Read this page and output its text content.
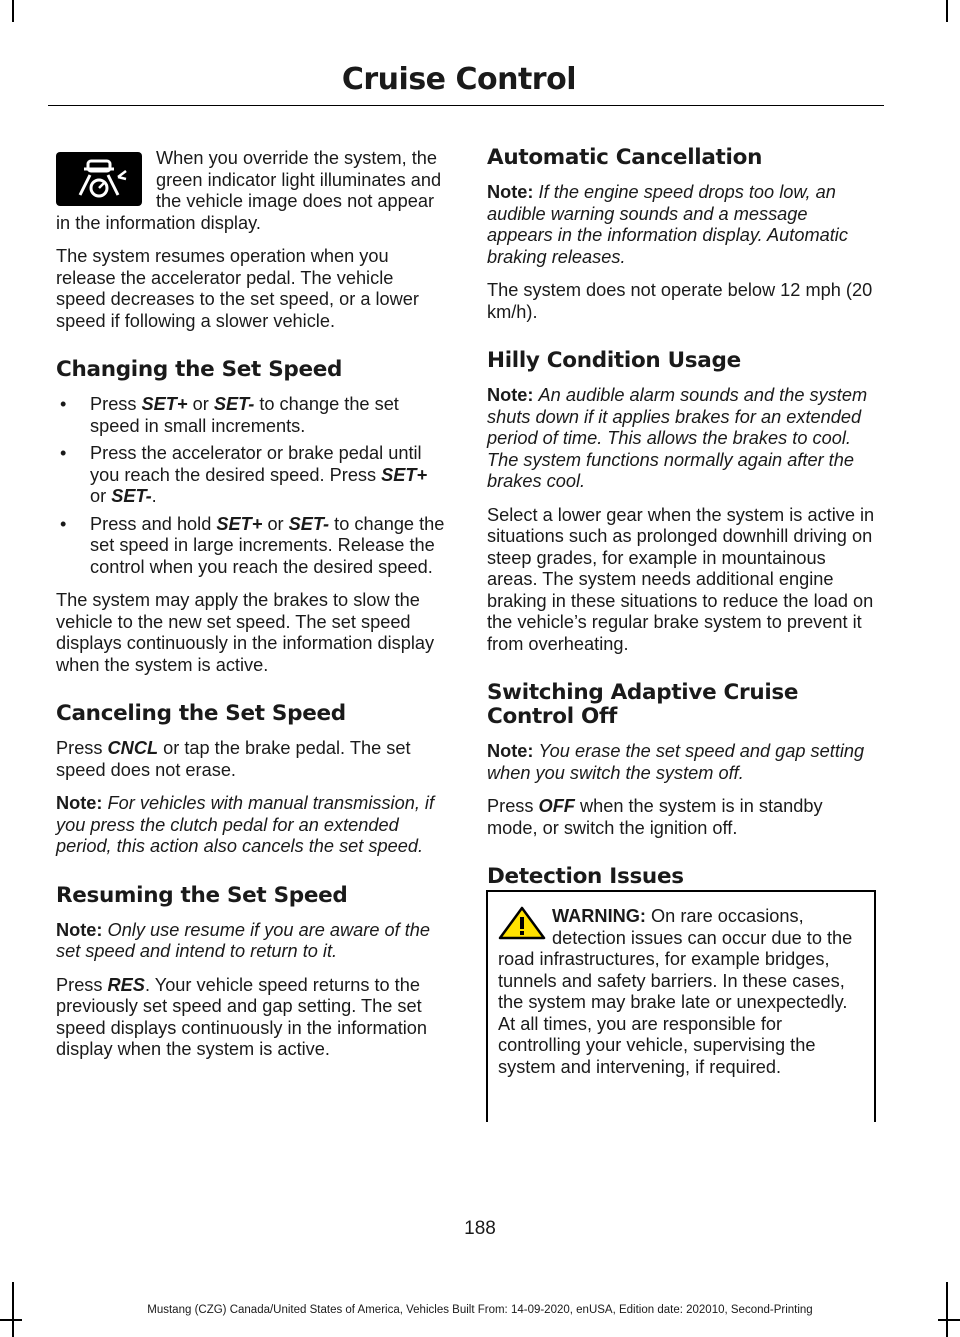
Cruise Control

When you override the system, the green indicator light illuminates and the vehicle image does not appear in the information display.

The system resumes operation when you release the accelerator pedal. The vehicle speed decreases to the set speed, or a lower speed if following a slower vehicle.

Changing the Set Speed
• Press SET+ or SET- to change the set speed in small increments.
• Press the accelerator or brake pedal until you reach the desired speed. Press SET+ or SET-.
• Press and hold SET+ or SET- to change the set speed in large increments. Release the control when you reach the desired speed.

The system may apply the brakes to slow the vehicle to the new set speed. The set speed displays continuously in the information display when the system is active.

Canceling the Set Speed

Press CNCL or tap the brake pedal. The set speed does not erase.

Note: For vehicles with manual transmission, if you press the clutch pedal for an extended period, this action also cancels the set speed.

Resuming the Set Speed

Note: Only use resume if you are aware of the set speed and intend to return to it.

Press RES. Your vehicle speed returns to the previously set speed and gap setting. The set speed displays continuously in the information display when the system is active.

Automatic Cancellation

Note: If the engine speed drops too low, an audible warning sounds and a message appears in the information display. Automatic braking releases.

The system does not operate below 12 mph (20 km/h).

Hilly Condition Usage

Note: An audible alarm sounds and the system shuts down if it applies brakes for an extended period of time. This allows the brakes to cool. The system functions normally again after the brakes cool.

Select a lower gear when the system is active in situations such as prolonged downhill driving on steep grades, for example in mountainous areas. The system needs additional engine braking in these situations to reduce the load on the vehicle’s regular brake system to prevent it from overheating.

Switching Adaptive Cruise Control Off

Note: You erase the set speed and gap setting when you switch the system off.

Press OFF when the system is in standby mode, or switch the ignition off.

Detection Issues
WARNING: On rare occasions, detection issues can occur due to the road infrastructures, for example bridges, tunnels and safety barriers. In these cases, the system may brake late or unexpectedly. At all times, you are responsible for controlling your vehicle, supervising the system and intervening, if required.
188
Mustang (CZG) Canada/United States of America, Vehicles Built From: 14-09-2020, enUSA, Edition date: 202010, Second-Printing
